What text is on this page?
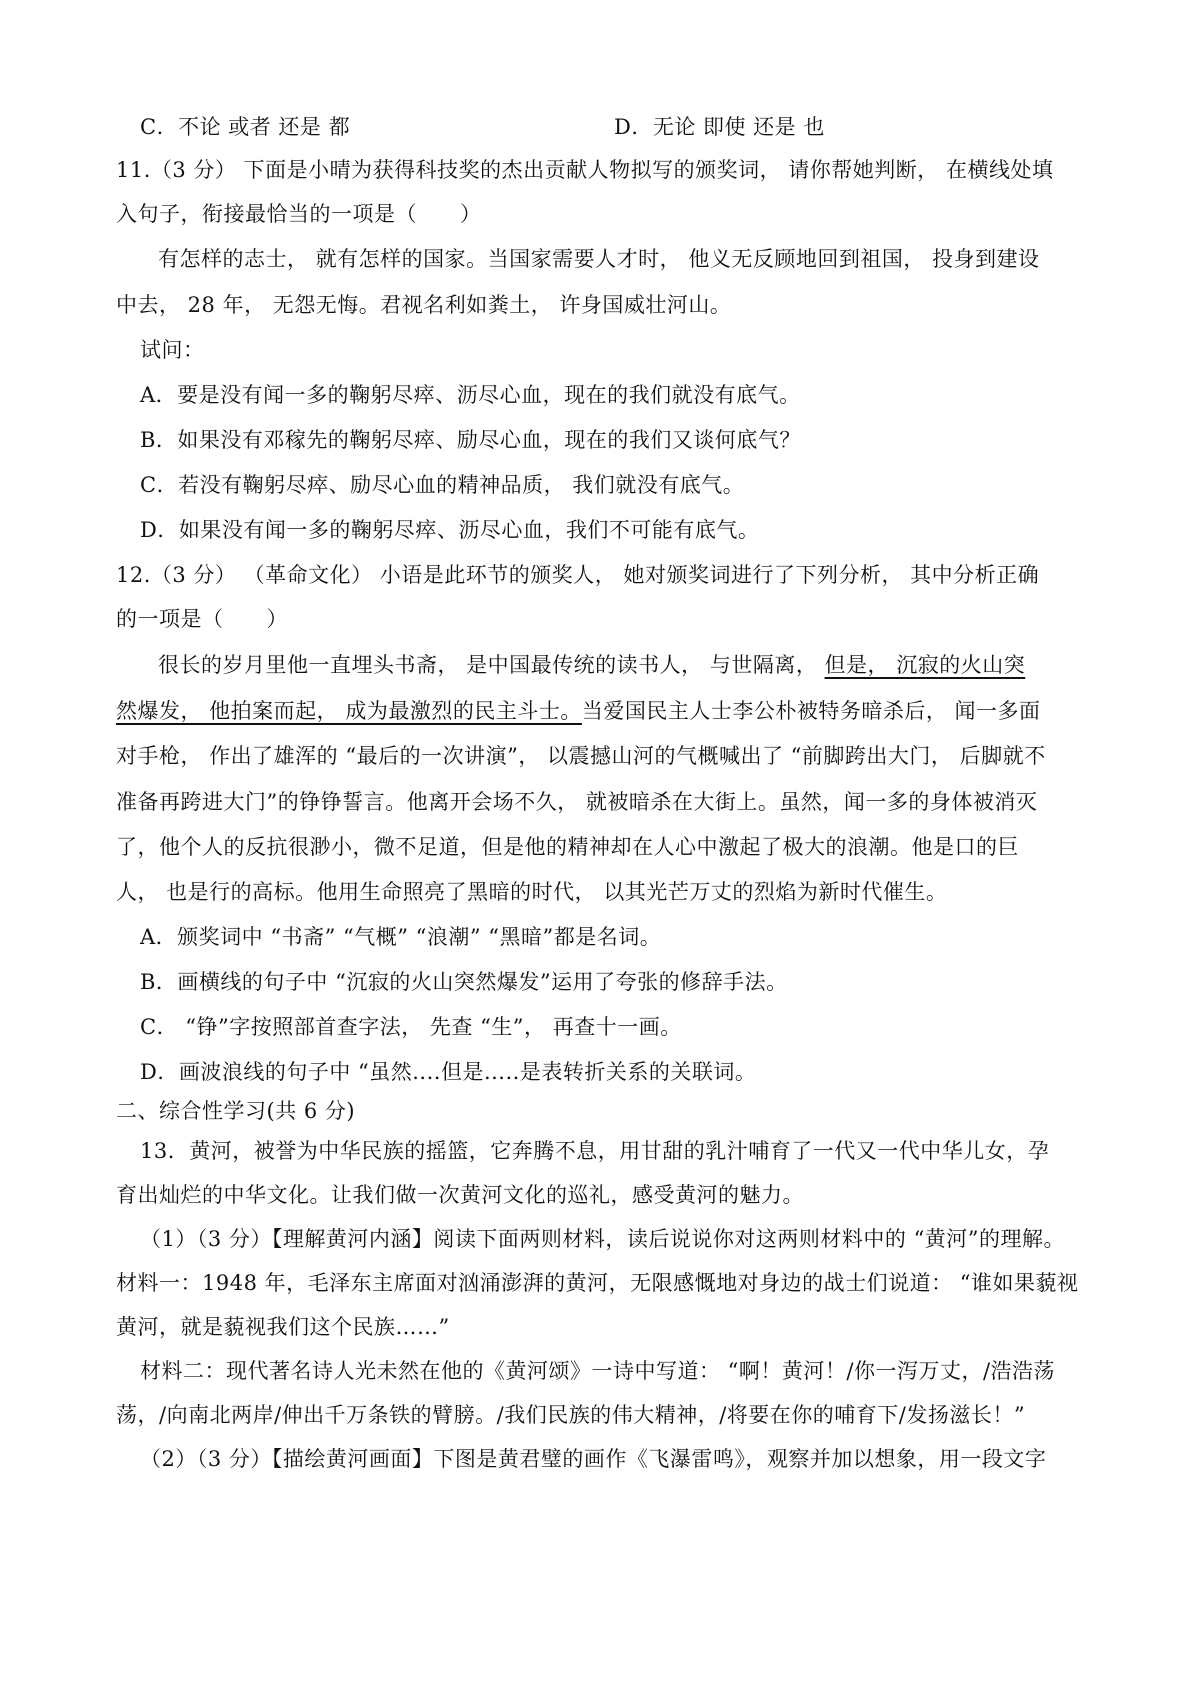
C．不论 或者 还是 都	D．无论 即使 还是 也
11.（3 分） 下面是小晴为获得科技奖的杰出贡献人物拟写的颁奖词， 请你帮她判断， 在横线处填
入句子，衔接最恰当的一项是（　　）
有怎样的志士， 就有怎样的国家。当国家需要人才时， 他义无反顾地回到祖国， 投身到建设
中去， 28 年， 无怨无悔。君视名利如粪土， 许身国威壮河山。
试问：
A．要是没有闻一多的鞠躬尽瘁、沥尽心血，现在的我们就没有底气。
B．如果没有邓稼先的鞠躬尽瘁、励尽心血，现在的我们又谈何底气？
C．若没有鞠躬尽瘁、励尽心血的精神品质， 我们就没有底气。
D．如果没有闻一多的鞠躬尽瘁、沥尽心血，我们不可能有底气。
12.（3 分） （革命文化） 小语是此环节的颁奖人， 她对颁奖词进行了下列分析， 其中分析正确
的一项是（　　）
很长的岁月里他一直埋头书斋， 是中国最传统的读书人， 与世隔离， 但是， 沉寂的火山突
然爆发， 他拍案而起， 成为最激烈的民主斗士。当爱国民主人士李公朴被特务暗杀后， 闻一多面
对手枪， 作出了雄浑的 “最后的一次讲演”， 以震撼山河的气概喊出了 “前脚跨出大门， 后脚就不
准备再跨进大门”的铮铮誓言。他离开会场不久， 就被暗杀在大街上。虽然，闻一多的身体被消灭
了，他个人的反抗很渺小，微不足道，但是他的精神却在人心中激起了极大的浪潮。他是口的巨
人， 也是行的高标。他用生命照亮了黑暗的时代， 以其光芒万丈的烈焰为新时代催生。
A．颁奖词中 “书斋” “气概” “浪潮” “黑暗”都是名词。
B．画横线的句子中 “沉寂的火山突然爆发”运用了夸张的修辞手法。
C． “铮”字按照部首查字法， 先查 “生”， 再查十一画。
D．画波浪线的句子中 “虽然....但是.....是表转折关系的关联词。
二、综合性学习(共 6 分)
13．黄河，被誉为中华民族的摇篮，它奔腾不息，用甘甜的乳汁哺育了一代又一代中华儿女，孕
育出灿烂的中华文化。让我们做一次黄河文化的巡礼，感受黄河的魅力。
（1）（3 分）【理解黄河内涵】阅读下面两则材料，读后说说你对这两则材料中的 “黄河”的理解。
材料一：1948 年，毛泽东主席面对汹涌澎湃的黄河，无限感慨地对身边的战士们说道： “谁如果藐视
黄河，就是藐视我们这个民族……”
材料二：现代著名诗人光未然在他的《黄河颂》一诗中写道： “啊！黄河！/你一泻万丈，/浩浩荡
荡，/向南北两岸/伸出千万条铁的臂膀。/我们民族的伟大精神，/将要在你的哺育下/发扬滋长！”
（2）（3 分）【描绘黄河画面】下图是黄君璧的画作《飞瀑雷鸣》，观察并加以想象，用一段文字
